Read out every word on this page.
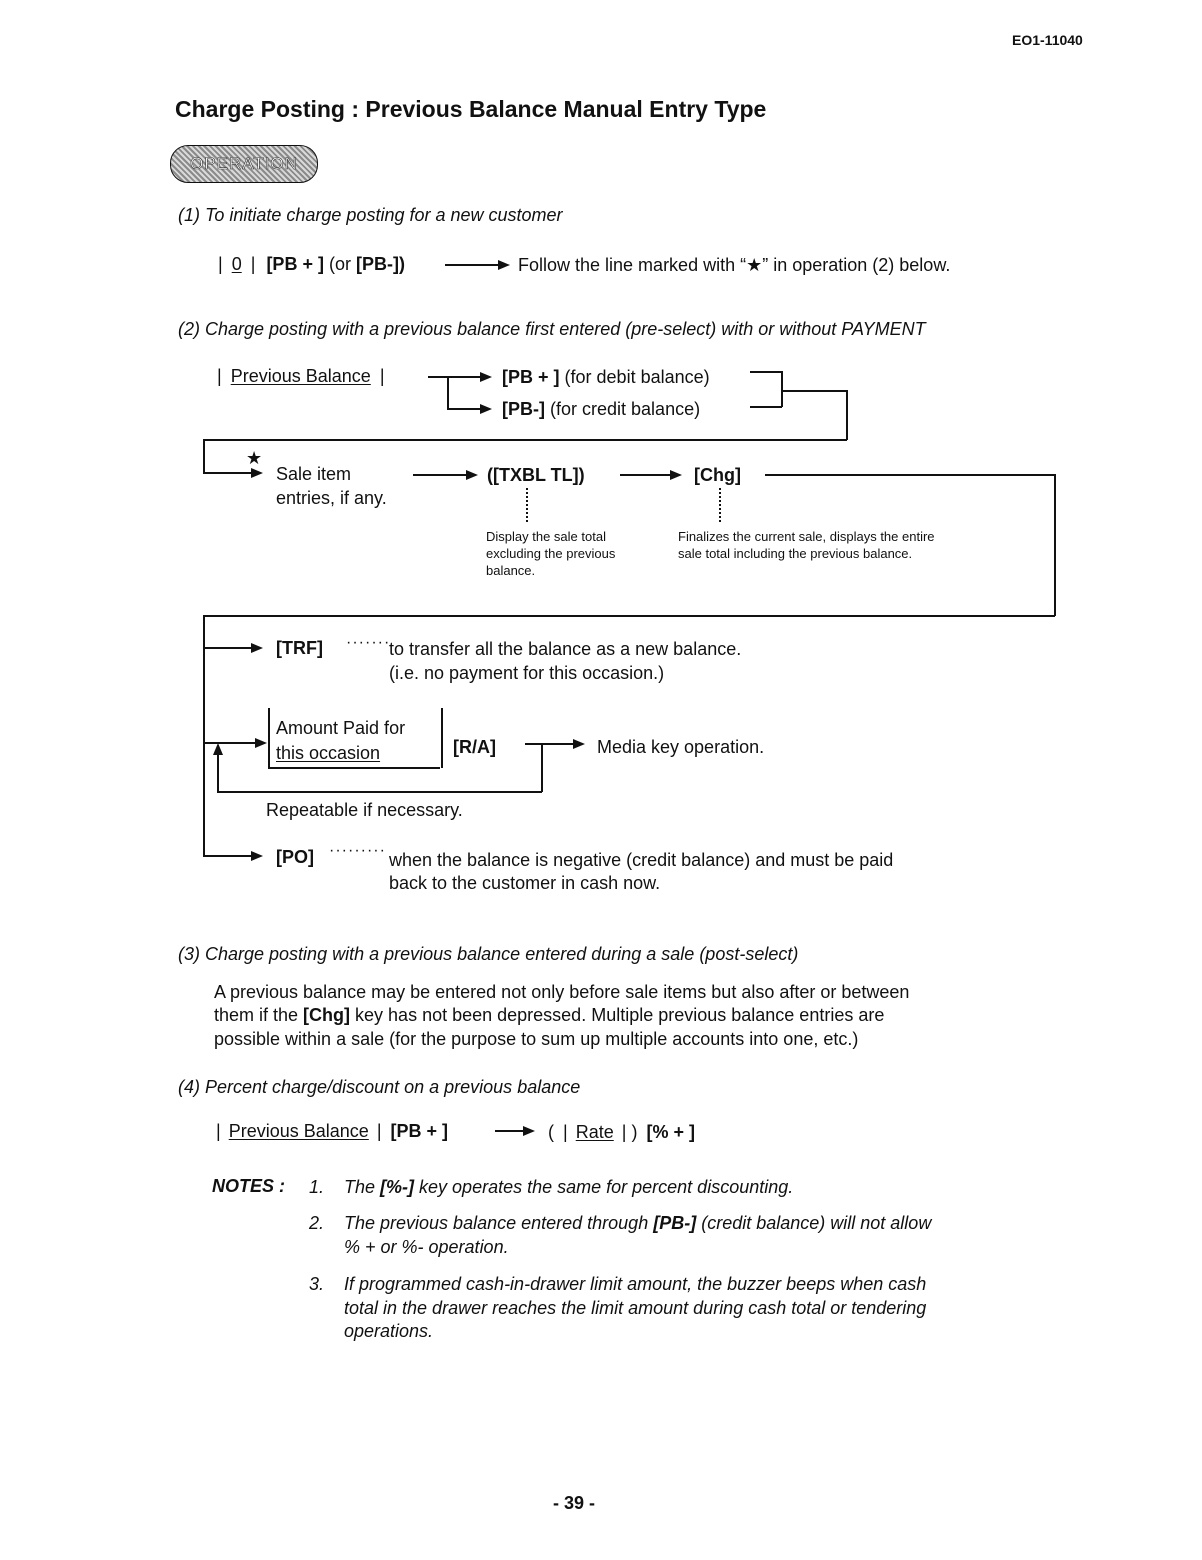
EO1-11040
Charge Posting : Previous Balance Manual Entry Type
OPERATION
(1) To initiate charge posting for a new customer
| 0 | [PB + ] (or [PB-])	Follow the line marked with “★” in operation (2) below.
(2) Charge posting with a previous balance first entered (pre-select) with or without PAYMENT
| Previous Balance |	[PB + ] (for debit balance)
[PB-] (for credit balance)
★
Sale item
entries, if any.
([TXBL TL])	[Chg]
Display the sale total excluding the previous balance.
Finalizes the current sale, displays the entire sale total including the previous balance.
[TRF] ·······
to transfer all the balance as a new balance.
(i.e. no payment for this occasion.)
Amount Paid for
this occasion	[R/A]	Media key operation.
Repeatable if necessary.
[PO] ········· when the balance is negative (credit balance) and must be paid
back to the customer in cash now.
(3) Charge posting with a previous balance entered during a sale (post-select)
A previous balance may be entered not only before sale items but also after or between
them if the [Chg] key has not been depressed. Multiple previous balance entries are
possible within a sale (for the purpose to sum up multiple accounts into one, etc.)
(4) Percent charge/discount on a previous balance
| Previous Balance | [PB + ]	( | Rate | ) [% + ]
NOTES : 1. The [%-] key operates the same for percent discounting.
2. The previous balance entered through [PB-] (credit balance) will not allow
% + or %- operation.
3. If programmed cash-in-drawer limit amount, the buzzer beeps when cash
total in the drawer reaches the limit amount during cash total or tendering
operations.
- 39 -
